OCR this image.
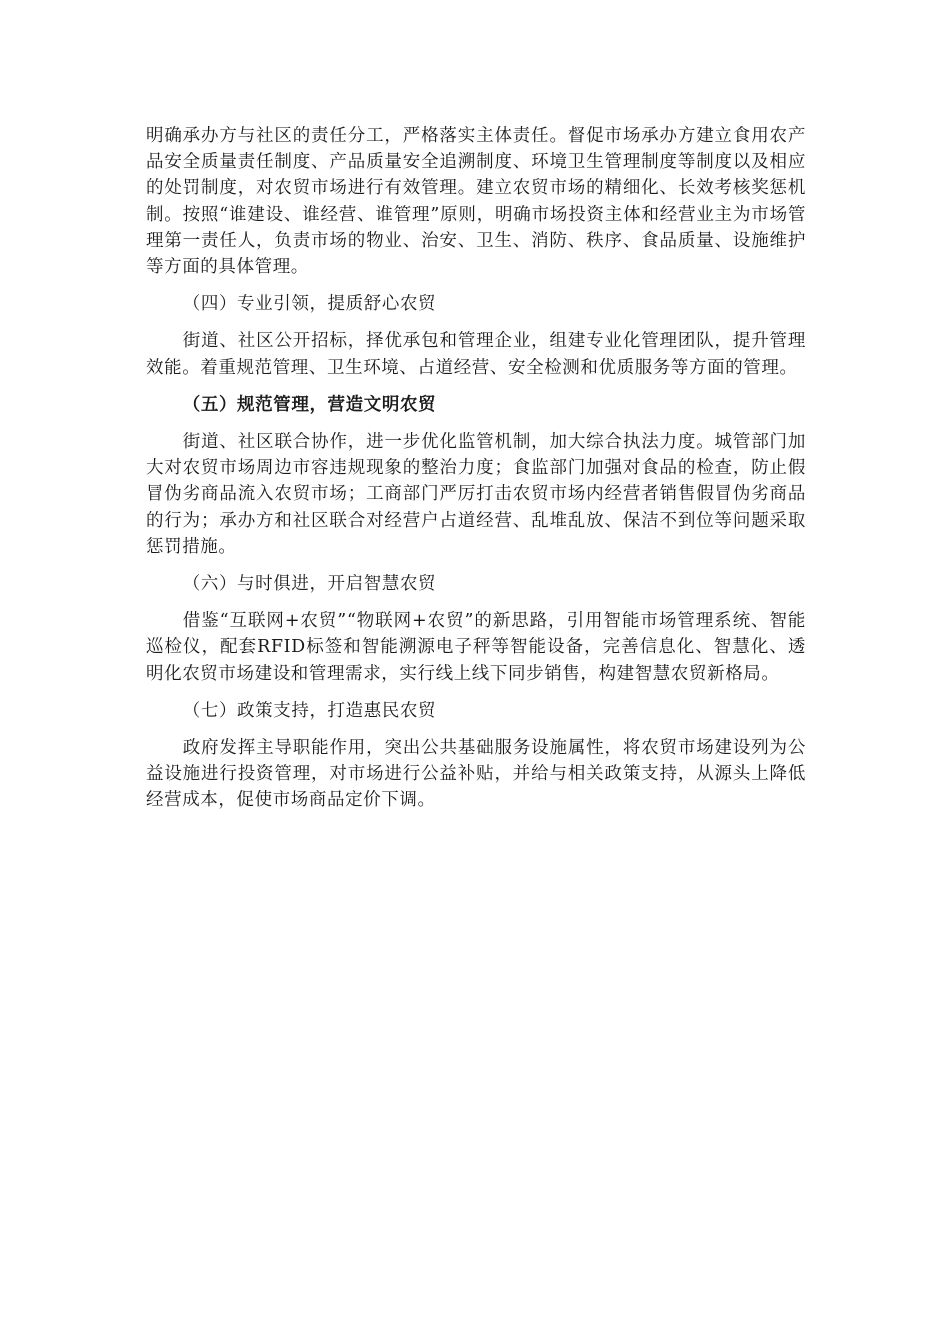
明确承办方与社区的责任分工，严格落实主体责任。督促市场承办方建立食用农产品安全质量责任制度、产品质量安全追溯制度、环境卫生管理制度等制度以及相应的处罚制度，对农贸市场进行有效管理。建立农贸市场的精细化、长效考核奖惩机制。按照“谁建设、谁经营、谁管理”原则，明确市场投资主体和经营业主为市场管理第一责任人，负责市场的物业、治安、卫生、消防、秩序、食品质量、设施维护等方面的具体管理。

（四）专业引领，提质舒心农贸

街道、社区公开招标，择优承包和管理企业，组建专业化管理团队，提升管理效能。着重规范管理、卫生环境、占道经营、安全检测和优质服务等方面的管理。

（五）规范管理，营造文明农贸

街道、社区联合协作，进一步优化监管机制，加大综合执法力度。城管部门加大对农贸市场周边市容违规现象的整治力度；食监部门加强对食品的检查，防止假冒伪劣商品流入农贸市场；工商部门严厉打击农贸市场内经营者销售假冒伪劣商品的行为；承办方和社区联合对经营户占道经营、乱堆乱放、保洁不到位等问题采取惩罚措施。

（六）与时俱进，开启智慧农贸

借鉴“互联网+农贸”“物联网+农贸”的新思路，引用智能市场管理系统、智能巡检仪，配套RFID标签和智能溯源电子秤等智能设备，完善信息化、智慧化、透明化农贸市场建设和管理需求，实行线上线下同步销售，构建智慧农贸新格局。

（七）政策支持，打造惠民农贸

政府发挥主导职能作用，突出公共基础服务设施属性，将农贸市场建设列为公益设施进行投资管理，对市场进行公益补贴，并给与相关政策支持，从源头上降低经营成本，促使市场商品定价下调。
